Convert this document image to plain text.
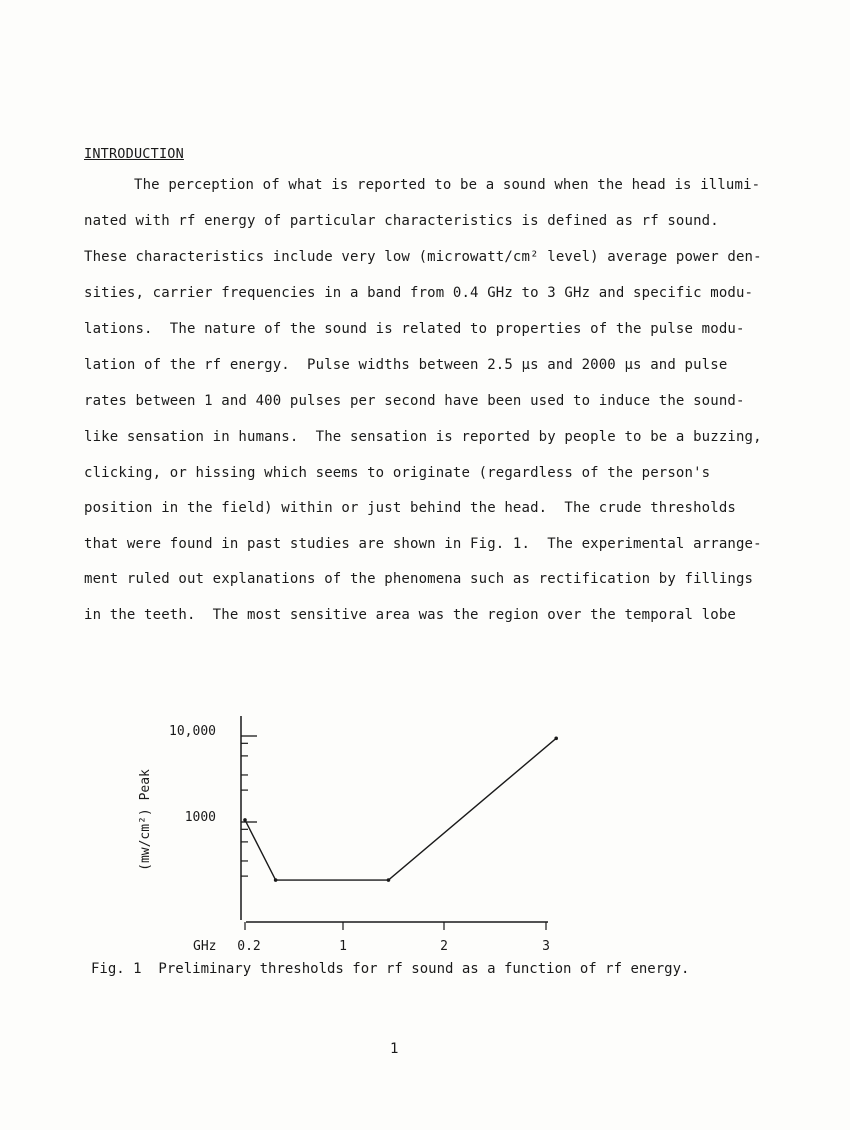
INTRODUCTION
The perception of what is reported to be a sound when the head is illumi-
nated with rf energy of particular characteristics is defined as rf sound.
These characteristics include very low (microwatt/cm² level) average power den-
sities, carrier frequencies in a band from 0.4 GHz to 3 GHz and specific modu-
lations.  The nature of the sound is related to properties of the pulse modu-
lation of the rf energy.  Pulse widths between 2.5 µs and 2000 µs and pulse
rates between 1 and 400 pulses per second have been used to induce the sound-
like sensation in humans.  The sensation is reported by people to be a buzzing,
clicking, or hissing which seems to originate (regardless of the person's
position in the field) within or just behind the head.  The crude thresholds
that were found in past studies are shown in Fig. 1.  The experimental arrange-
ment ruled out explanations of the phenomena such as rectification by fillings
in the teeth.  The most sensitive area was the region over the temporal lobe
10,000
1000
0.2	1	2	3
(mw/cm²) Peak
GHz
Fig. 1  Preliminary thresholds for rf sound as a function of rf energy.
1
